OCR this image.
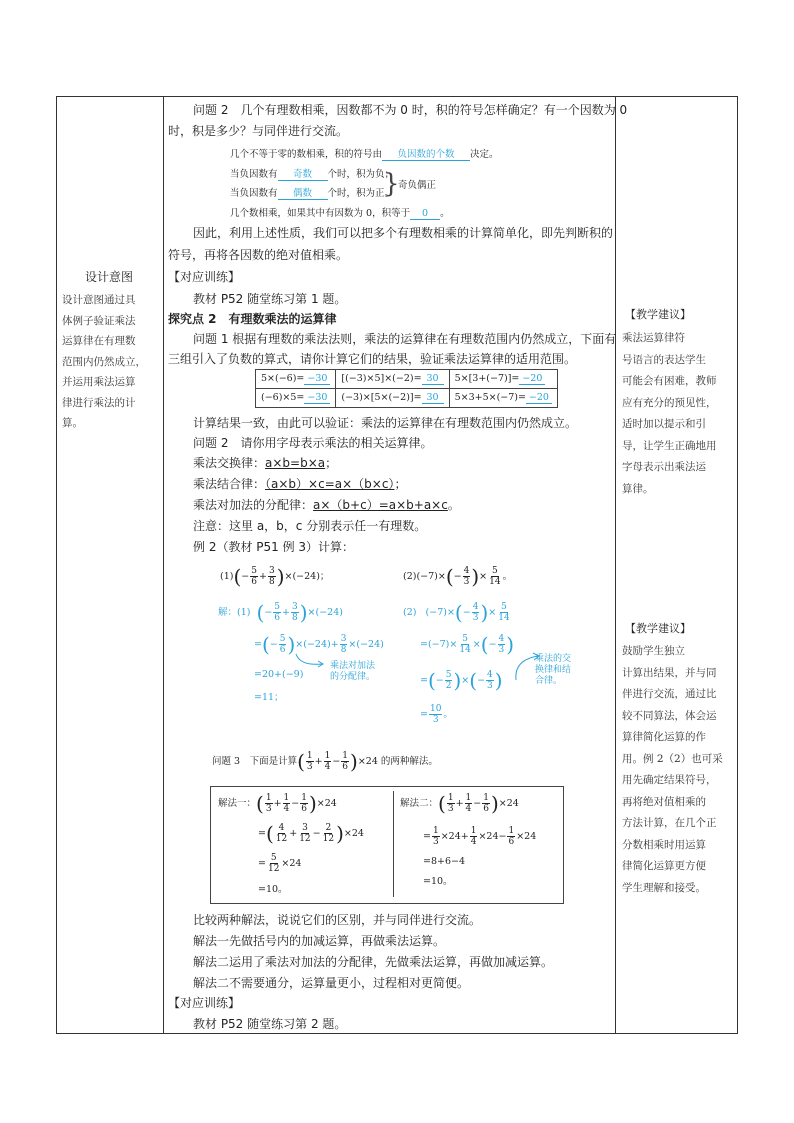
设计意图
设计意图通过具
体例子验证乘法
运算律在有理数
范围内仍然成立，
并运用乘法运算
律进行乘法的计
算。
【教学建议】
乘法运算律符
号语言的表达学生
可能会有困难，教师
应有充分的预见性，
适时加以提示和引
导，让学生正确地用
字母表示出乘法运
算律。
【教学建议】
鼓励学生独立
计算出结果，并与同
伴进行交流，通过比
较不同算法，体会运
算律简化运算的作
用。例 2（2）也可采
用先确定结果符号，
再将绝对值相乘的
方法计算，在几个正
分数相乘时用运算
律简化运算更方便
学生理解和接受。
问题 2　几个有理数相乘，因数都不为 0 时，积的符号怎样确定？有一个因数为 0
时，积是多少？与同伴进行交流。
几个不等于零的数相乘，积的符号由 负因数的个数 决定。
当负因数有 奇数 个时，积为负；
当负因数有 偶数 个时，积为正。
}
奇负偶正
几个数相乘，如果其中有因数为 0，积等于 0 。
因此，利用上述性质，我们可以把多个有理数相乘的计算简单化，即先判断积的
符号，再将各因数的绝对值相乘。
【对应训练】
教材 P52 随堂练习第 1 题。
探究点 2　有理数乘法的运算律
问题 1 根据有理数的乘法法则，乘法的运算律在有理数范围内仍然成立，下面有
三组引入了负数的算式，请你计算它们的结果，验证乘法运算律的适用范围。
5×(−6)= −30	[(−3)×5]×(−2)= 30	5×[3+(−7)]= −20
(−6)×5= −30	(−3)×[5×(−2)]= 30	5×3+5×(−7)= −20
计算结果一致，由此可以验证：乘法的运算律在有理数范围内仍然成立。
问题 2　请你用字母表示乘法的相关运算律。
乘法交换律：a×b=b×a；
乘法结合律：（a×b）×c=a×（b×c）；
乘法对加法的分配律：a×（b+c）=a×b+a×c。
注意：这里 a，b，c 分别表示任一有理数。
例 2（教材 P51 例 3）计算：
$(1)(- \frac{5}{6} + \frac{3}{8} )\times(-24)$；	$(2)(-7)\times(- \frac{4}{3}$ )× $\frac{5}{14}$ 。
解：(1) (− $\frac{5}{6} + \frac{3}{8} )\times(-24)$
=(− $\frac{5}{6} )\times(-24)+ \frac{3}{8} \times(-24)$
=20+(−9)
=11；
乘法对加法
的分配律。
(2) $(-7)\times(- \frac{4}{3}$ )× $\frac{5}{14}$
$=(-7)\times \frac{5}{14}$ ×(− $\frac{4}{3}$ )
=(− $\frac{5}{2}$ )×(− $\frac{4}{3}$ )
= $\frac{10}{3}$ 。
乘法的交
换律和结
合律。
问题 3　下面是计算( $\frac{1}{3} + \frac{1}{4} - \frac{1}{6} )\times 24$ 的两种解法。
解法一：( $\frac{1}{3} + \frac{1}{4} - \frac{1}{6} )\times 24$
=( $\frac{4}{12} + \frac{3}{12} - \frac{2}{12} )\times 24$
= $\frac{5}{12} \times 24$
=10。
解法二：( $\frac{1}{3} + \frac{1}{4} - \frac{1}{6} )\times 24$
= $\frac{1}{3} \times 24+ \frac{1}{4} \times 24- \frac{1}{6} \times 24$
=8+6−4
=10。
比较两种解法，说说它们的区别，并与同伴进行交流。
解法一先做括号内的加减运算，再做乘法运算。
解法二运用了乘法对加法的分配律，先做乘法运算，再做加减运算。
解法二不需要通分，运算量更小，过程相对更简便。
【对应训练】
教材 P52 随堂练习第 2 题。
